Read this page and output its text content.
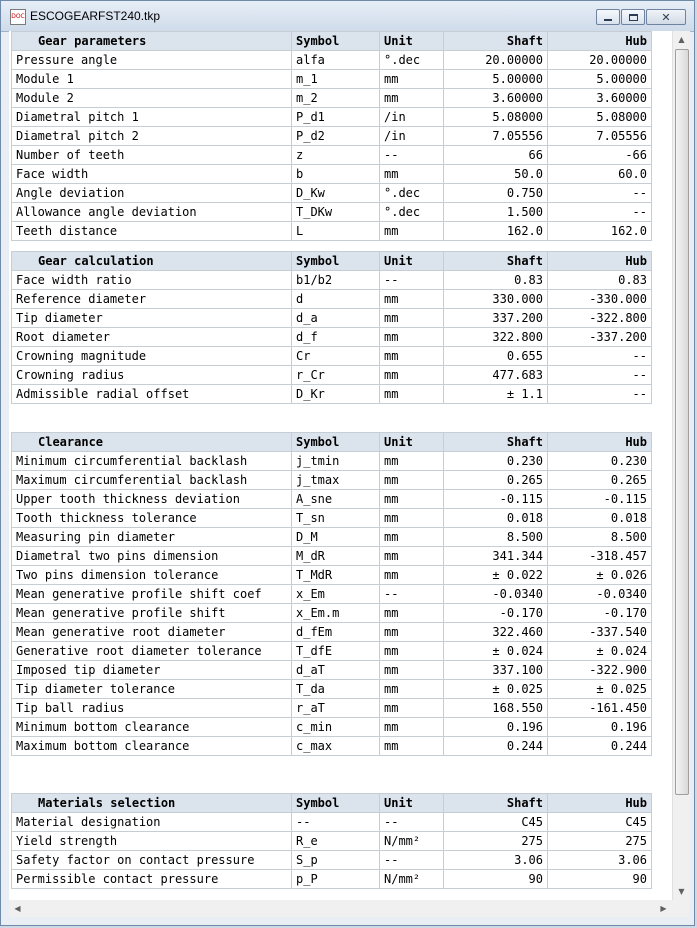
DOC ESCOGEARFST240.tkp	✕
Gear parameters	Symbol	Unit	Shaft	Hub
Pressure angle	alfa	°.dec	20.00000	20.00000
Module 1	m_1	mm	5.00000	5.00000
Module 2	m_2	mm	3.60000	3.60000
Diametral pitch 1	P_d1	/in	5.08000	5.08000
Diametral pitch 2	P_d2	/in	7.05556	7.05556
Number of teeth	z	--	66	-66
Face width	b	mm	50.0	60.0
Angle deviation	D_Kw	°.dec	0.750	--
Allowance angle deviation	T_DKw	°.dec	1.500	--
Teeth distance	L	mm	162.0	162.0
Gear calculation	Symbol	Unit	Shaft	Hub
Face width ratio	b1/b2	--	0.83	0.83
Reference diameter	d	mm	330.000	-330.000
Tip diameter	d_a	mm	337.200	-322.800
Root diameter	d_f	mm	322.800	-337.200
Crowning magnitude	Cr	mm	0.655	--
Crowning radius	r_Cr	mm	477.683	--
Admissible radial offset	D_Kr	mm	± 1.1	--
Clearance	Symbol	Unit	Shaft	Hub
Minimum circumferential backlash	j_tmin	mm	0.230	0.230
Maximum circumferential backlash	j_tmax	mm	0.265	0.265
Upper tooth thickness deviation	A_sne	mm	-0.115	-0.115
Tooth thickness tolerance	T_sn	mm	0.018	0.018
Measuring pin diameter	D_M	mm	8.500	8.500
Diametral two pins dimension	M_dR	mm	341.344	-318.457
Two pins dimension tolerance	T_MdR	mm	± 0.022	± 0.026
Mean generative profile shift coef	x_Em	--	-0.0340	-0.0340
Mean generative profile shift	x_Em.m	mm	-0.170	-0.170
Mean generative root diameter	d_fEm	mm	322.460	-337.540
Generative root diameter tolerance	T_dfE	mm	± 0.024	± 0.024
Imposed tip diameter	d_aT	mm	337.100	-322.900
Tip diameter tolerance	T_da	mm	± 0.025	± 0.025
Tip ball radius	r_aT	mm	168.550	-161.450
Minimum bottom clearance	c_min	mm	0.196	0.196
Maximum bottom clearance	c_max	mm	0.244	0.244
Materials selection	Symbol	Unit	Shaft	Hub
Material designation	--	--	C45	C45
Yield strength	R_e	N/mm²	275	275
Safety factor on contact pressure	S_p	--	3.06	3.06
Permissible contact pressure	p_P	N/mm²	90	90
▲
▼
◀	▶
